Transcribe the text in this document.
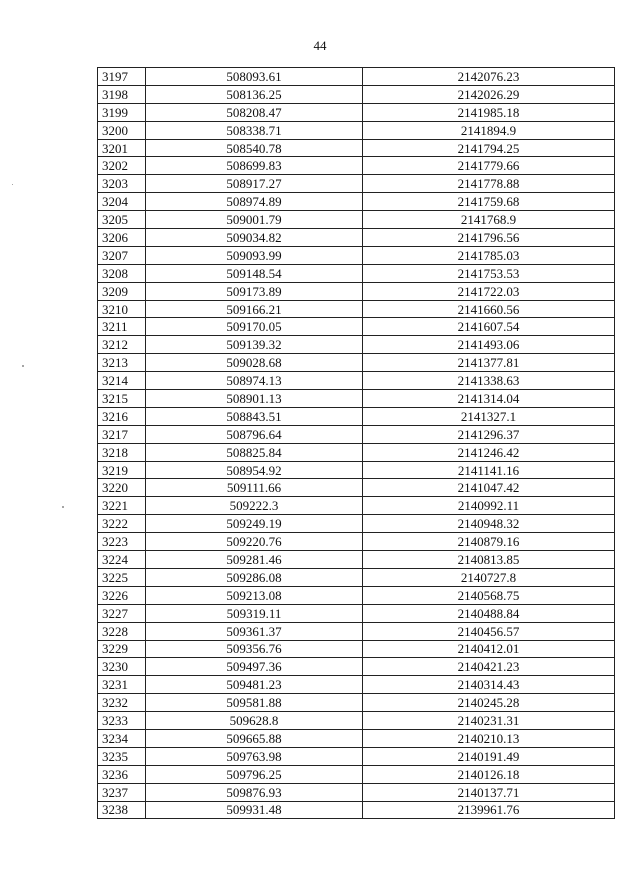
44
3197	508093.61	2142076.23
3198	508136.25	2142026.29
3199	508208.47	2141985.18
3200	508338.71	2141894.9
3201	508540.78	2141794.25
3202	508699.83	2141779.66
3203	508917.27	2141778.88
3204	508974.89	2141759.68
3205	509001.79	2141768.9
3206	509034.82	2141796.56
3207	509093.99	2141785.03
3208	509148.54	2141753.53
3209	509173.89	2141722.03
3210	509166.21	2141660.56
3211	509170.05	2141607.54
3212	509139.32	2141493.06
3213	509028.68	2141377.81
3214	508974.13	2141338.63
3215	508901.13	2141314.04
3216	508843.51	2141327.1
3217	508796.64	2141296.37
3218	508825.84	2141246.42
3219	508954.92	2141141.16
3220	509111.66	2141047.42
3221	509222.3	2140992.11
3222	509249.19	2140948.32
3223	509220.76	2140879.16
3224	509281.46	2140813.85
3225	509286.08	2140727.8
3226	509213.08	2140568.75
3227	509319.11	2140488.84
3228	509361.37	2140456.57
3229	509356.76	2140412.01
3230	509497.36	2140421.23
3231	509481.23	2140314.43
3232	509581.88	2140245.28
3233	509628.8	2140231.31
3234	509665.88	2140210.13
3235	509763.98	2140191.49
3236	509796.25	2140126.18
3237	509876.93	2140137.71
3238	509931.48	2139961.76
